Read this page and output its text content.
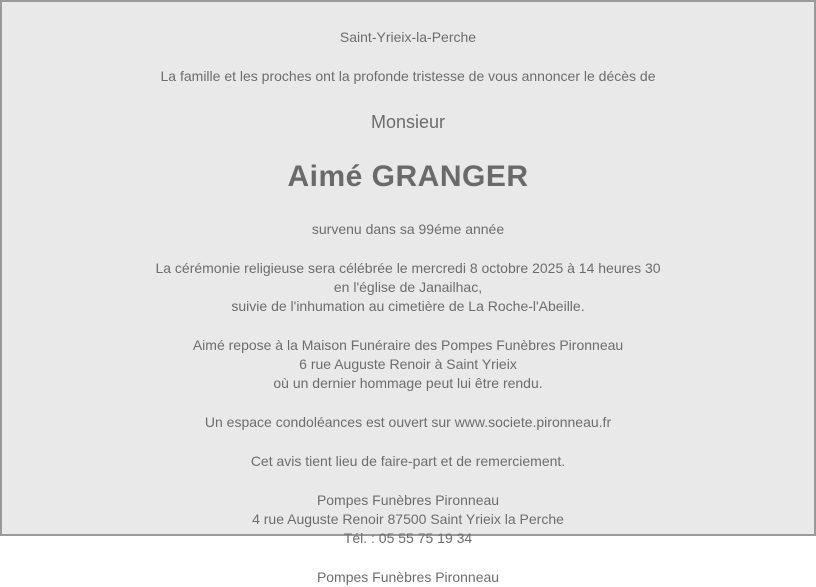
Saint-Yrieix-la-Perche
La famille et les proches ont la profonde tristesse de vous annoncer le décès de
Monsieur
Aimé GRANGER
survenu dans sa 99éme année

La cérémonie religieuse sera célébrée le mercredi 8 octobre 2025 à 14 heures 30

en l'église de Janailhac,

suivie de l'inhumation au cimetière de La Roche-l'Abeille.

Aimé repose à la Maison Funéraire des Pompes Funèbres Pironneau

6 rue Auguste Renoir à Saint Yrieix

où un dernier hommage peut lui être rendu.

Un espace condoléances est ouvert sur www.societe.pironneau.fr
Cet avis tient lieu de faire-part et de remerciement.

Pompes Funèbres Pironneau

4 rue Auguste Renoir 87500 Saint Yrieix la Perche

Tél. : 05 55 75 19 34

Pompes Funèbres Pironneau
